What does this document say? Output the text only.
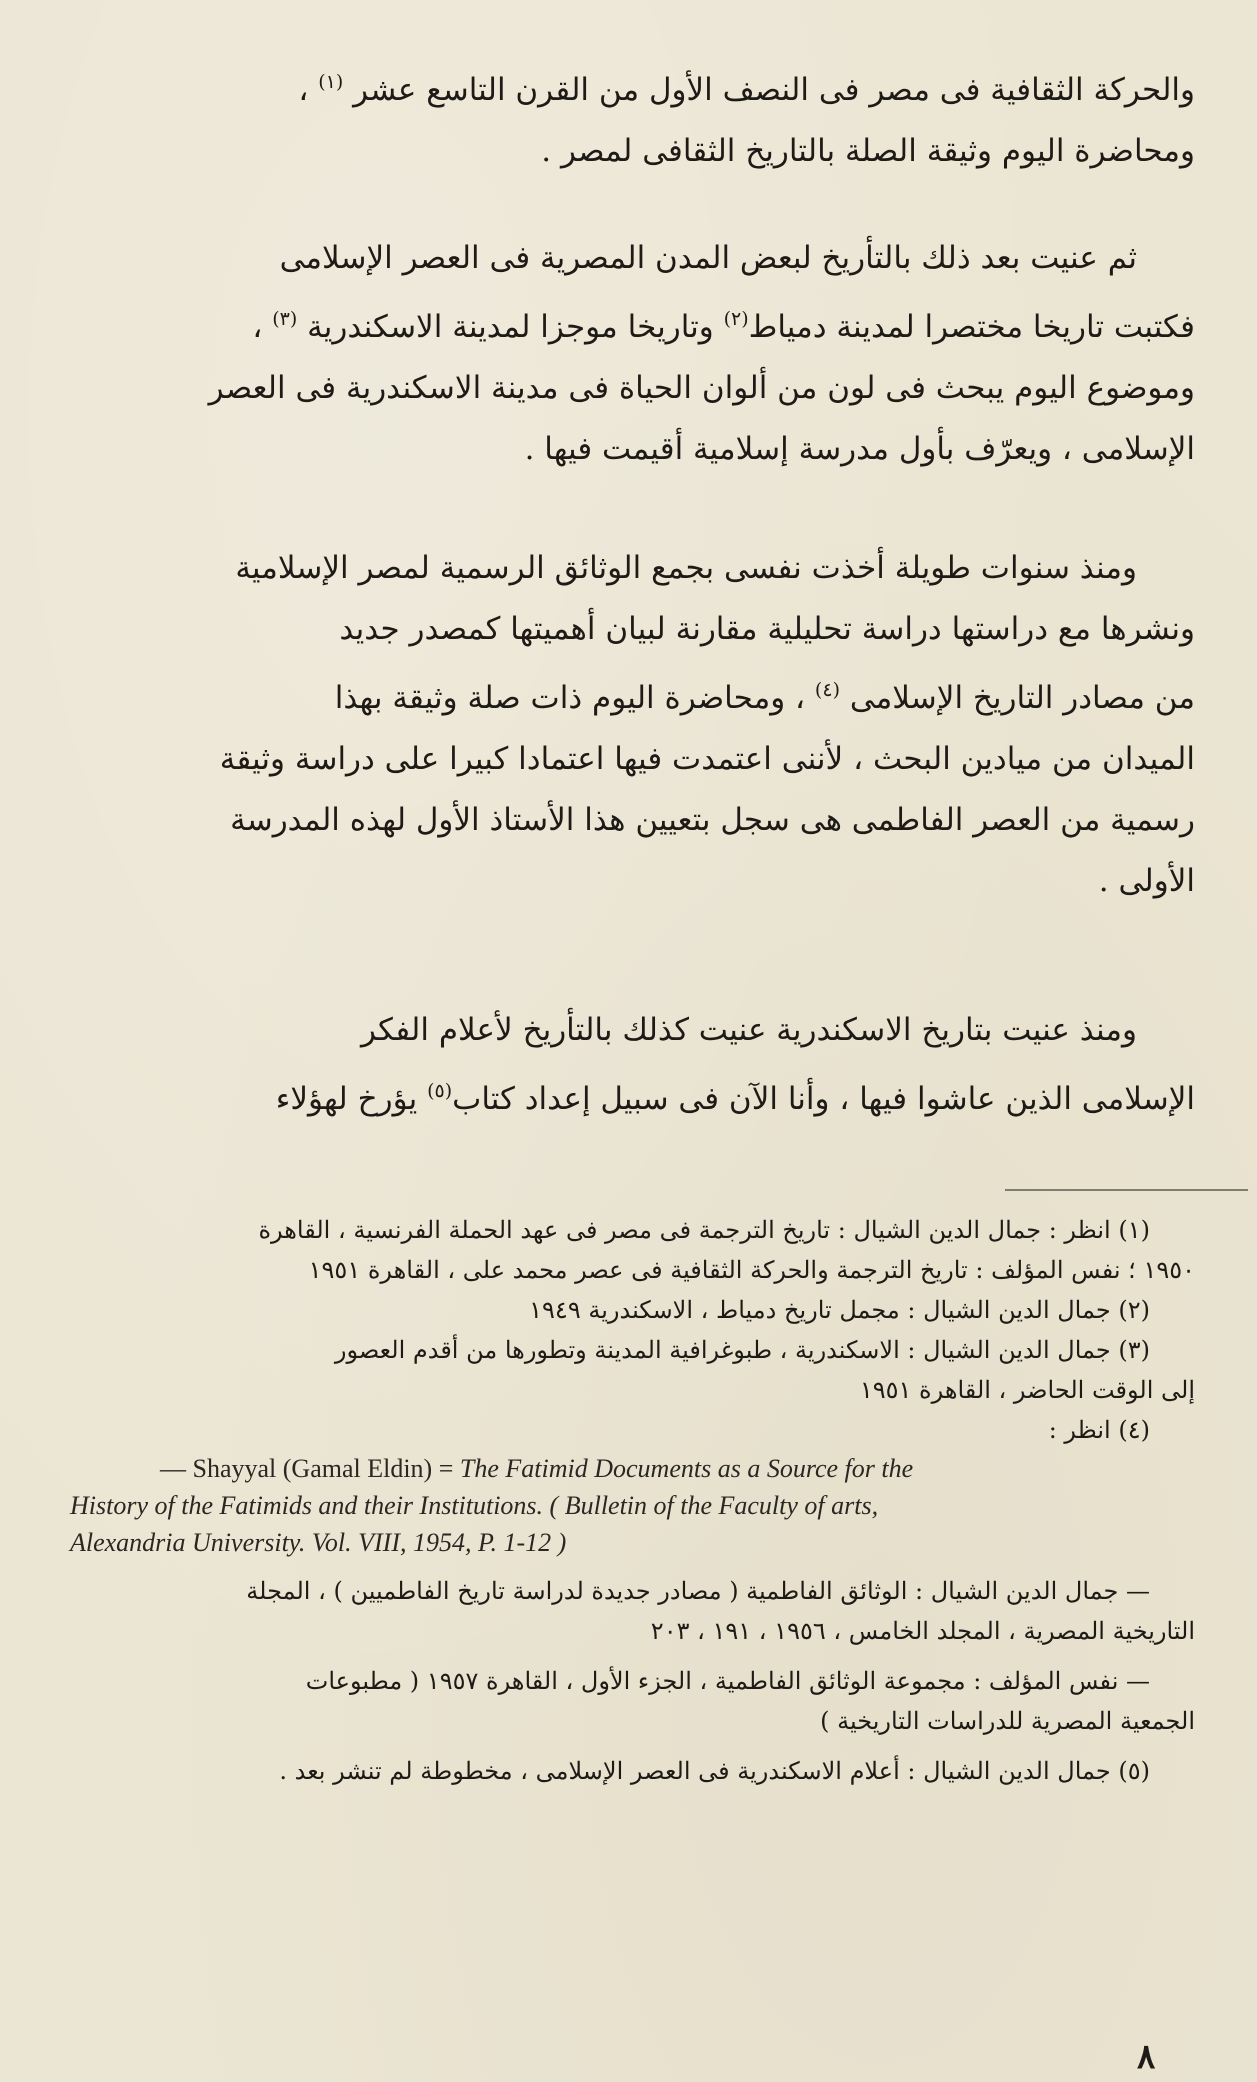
والحركة الثقافية فى مصر فى النصف الأول من القرن التاسع عشر $^{(١)}$ ،
ومحاضرة اليوم وثيقة الصلة بالتاريخ الثقافى لمصر .
ثم عنيت بعد ذلك بالتأريخ لبعض المدن المصرية فى العصر الإسلامى
فكتبت تاريخا مختصرا لمدينة دمياط$^{(٢)}$ وتاريخا موجزا لمدينة الاسكندرية $^{(٣)}$ ،
وموضوع اليوم يبحث فى لون من ألوان الحياة فى مدينة الاسكندرية فى العصر
الإسلامى ، ويعرّف بأول مدرسة إسلامية أقيمت فيها .
ومنذ سنوات طويلة أخذت نفسى بجمع الوثائق الرسمية لمصر الإسلامية
ونشرها مع دراستها دراسة تحليلية مقارنة لبيان أهميتها كمصدر جديد
من مصادر التاريخ الإسلامى $^{(٤)}$ ، ومحاضرة اليوم ذات صلة وثيقة بهذا
الميدان من ميادين البحث ، لأننى اعتمدت فيها اعتمادا كبيرا على دراسة وثيقة
رسمية من العصر الفاطمى هى سجل بتعيين هذا الأستاذ الأول لهذه المدرسة
الأولى .
ومنذ عنيت بتاريخ الاسكندرية عنيت كذلك بالتأريخ لأعلام الفكر
الإسلامى الذين عاشوا فيها ، وأنا الآن فى سبيل إعداد كتاب$^{(٥)}$ يؤرخ لهؤلاء
(١) انظر : جمال الدين الشيال : تاريخ الترجمة فى مصر فى عهد الحملة الفرنسية ، القاهرة
١٩٥٠ ؛ نفس المؤلف : تاريخ الترجمة والحركة الثقافية فى عصر محمد على ، القاهرة ١٩٥١
(٢) جمال الدين الشيال : مجمل تاريخ دمياط ، الاسكندرية ١٩٤٩
(٣) جمال الدين الشيال : الاسكندرية ، طبوغرافية المدينة وتطورها من أقدم العصور
إلى الوقت الحاضر ، القاهرة ١٩٥١
(٤) انظر :
— Shayyal (Gamal Eldin) = The Fatimid Documents as a Source for the
History of the Fatimids and their Institutions. ( Bulletin of the Faculty of arts,
Alexandria University. Vol. VIII, 1954, P. 1-12 )
— جمال الدين الشيال : الوثائق الفاطمية ( مصادر جديدة لدراسة تاريخ الفاطميين ) ، المجلة
التاريخية المصرية ، المجلد الخامس ، ١٩٥٦ ، ١٩١ ، ٢٠٣
— نفس المؤلف : مجموعة الوثائق الفاطمية ، الجزء الأول ، القاهرة ١٩٥٧ ( مطبوعات
الجمعية المصرية للدراسات التاريخية )
(٥) جمال الدين الشيال : أعلام الاسكندرية فى العصر الإسلامى ، مخطوطة لم تنشر بعد .
٨
